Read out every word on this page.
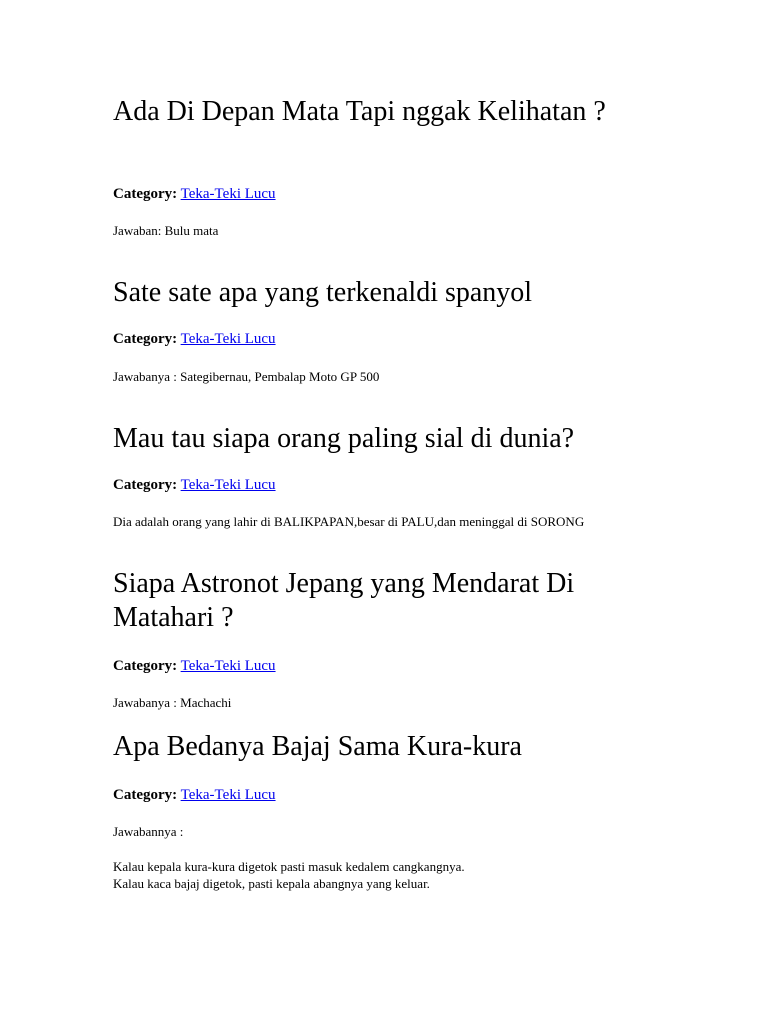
Ada Di Depan Mata Tapi nggak Kelihatan ?
Category: Teka-Teki Lucu
Jawaban: Bulu mata
Sate sate apa yang terkenaldi spanyol
Category: Teka-Teki Lucu
Jawabanya : Sategibernau, Pembalap Moto GP 500
Mau tau siapa orang paling sial di dunia?
Category: Teka-Teki Lucu
Dia adalah orang yang lahir di BALIKPAPAN,besar di PALU,dan meninggal di SORONG
Siapa Astronot Jepang yang Mendarat Di Matahari ?
Category: Teka-Teki Lucu
Jawabanya : Machachi
Apa Bedanya Bajaj Sama Kura-kura
Category: Teka-Teki Lucu
Jawabannya :
Kalau kepala kura-kura digetok pasti masuk kedalem cangkangnya.
Kalau kaca bajaj digetok, pasti kepala abangnya yang keluar.
